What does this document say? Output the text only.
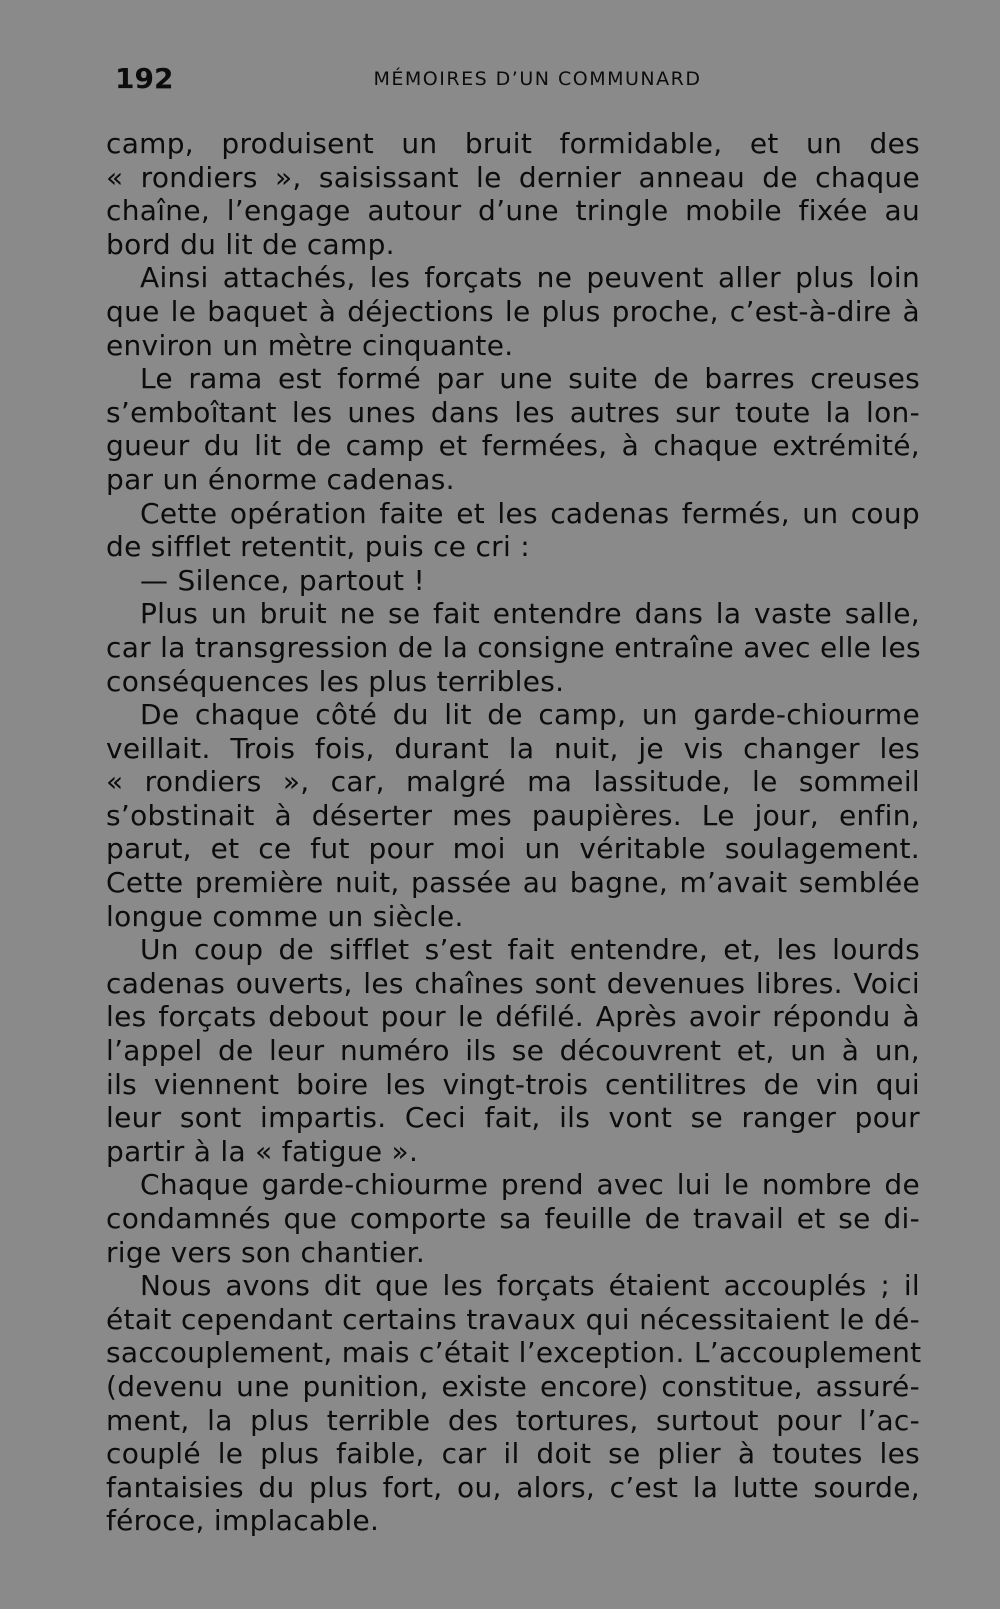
192	MÉMOIRES D’UN COMMUNARD
camp, produisent un bruit formidable, et un des
« rondiers », saisissant le dernier anneau de chaque
chaîne, l’engage autour d’une tringle mobile fixée au
bord du lit de camp.
Ainsi attachés, les forçats ne peuvent aller plus loin
que le baquet à déjections le plus proche, c’est-à-dire à
environ un mètre cinquante.
Le rama est formé par une suite de barres creuses
s’emboîtant les unes dans les autres sur toute la lon-
gueur du lit de camp et fermées, à chaque extrémité,
par un énorme cadenas.
Cette opération faite et les cadenas fermés, un coup
de sifflet retentit, puis ce cri :
— Silence, partout !
Plus un bruit ne se fait entendre dans la vaste salle,
car la transgression de la consigne entraîne avec elle les
conséquences les plus terribles.
De chaque côté du lit de camp, un garde-chiourme
veillait. Trois fois, durant la nuit, je vis changer les
« rondiers », car, malgré ma lassitude, le sommeil
s’obstinait à déserter mes paupières. Le jour, enfin,
parut, et ce fut pour moi un véritable soulagement.
Cette première nuit, passée au bagne, m’avait semblée
longue comme un siècle.
Un coup de sifflet s’est fait entendre, et, les lourds
cadenas ouverts, les chaînes sont devenues libres. Voici
les forçats debout pour le défilé. Après avoir répondu à
l’appel de leur numéro ils se découvrent et, un à un,
ils viennent boire les vingt-trois centilitres de vin qui
leur sont impartis. Ceci fait, ils vont se ranger pour
partir à la « fatigue ».
Chaque garde-chiourme prend avec lui le nombre de
condamnés que comporte sa feuille de travail et se di-
rige vers son chantier.
Nous avons dit que les forçats étaient accouplés ; il
était cependant certains travaux qui nécessitaient le dé-
saccouplement, mais c’était l’exception. L’accouplement
(devenu une punition, existe encore) constitue, assuré-
ment, la plus terrible des tortures, surtout pour l’ac-
couplé le plus faible, car il doit se plier à toutes les
fantaisies du plus fort, ou, alors, c’est la lutte sourde,
féroce, implacable.
